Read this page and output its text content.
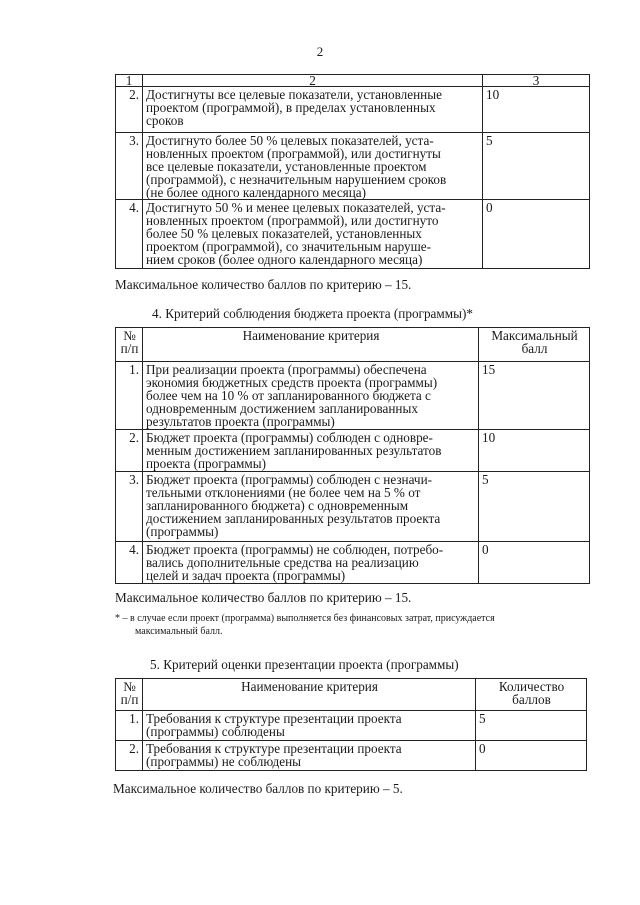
2
1	2	3
2.	Достигнуты все целевые показатели, установленные
проектом (программой), в пределах установленных
сроков	10
3.	Достигнуто более 50 % целевых показателей, уста-
новленных проектом (программой), или достигнуты
все целевые показатели, установленные проектом
(программой), с незначительным нарушением сроков
(не более одного календарного месяца)	5
4.	Достигнуто 50 % и менее целевых показателей, уста-
новленных проектом (программой), или достигнуто
более 50 % целевых показателей, установленных
проектом (программой), со значительным наруше-
нием сроков (более одного календарного месяца)	0
Максимальное количество баллов по критерию – 15.
4. Критерий соблюдения бюджета проекта (программы)*
№
п/п	Наименование критерия	Максимальный
балл
1.	При реализации проекта (программы) обеспечена
экономия бюджетных средств проекта (программы)
более чем на 10 % от запланированного бюджета с
одновременным достижением запланированных
результатов проекта (программы)	15
2.	Бюджет проекта (программы) соблюден с одновре-
менным достижением запланированных результатов
проекта (программы)	10
3.	Бюджет проекта (программы) соблюден с незначи-
тельными отклонениями (не более чем на 5 % от
запланированного бюджета) с одновременным
достижением запланированных результатов проекта
(программы)	5
4.	Бюджет проекта (программы) не соблюден, потребо-
вались дополнительные средства на реализацию
целей и задач проекта (программы)	0
Максимальное количество баллов по критерию – 15.
* – в случае если проект (программа) выполняется без финансовых затрат, присуждается
максимальный балл.
5. Критерий оценки презентации проекта (программы)
№
п/п	Наименование критерия	Количество
баллов
1.	Требования к структуре презентации проекта
(программы) соблюдены	5
2.	Требования к структуре презентации проекта
(программы) не соблюдены	0
Максимальное количество баллов по критерию – 5.
